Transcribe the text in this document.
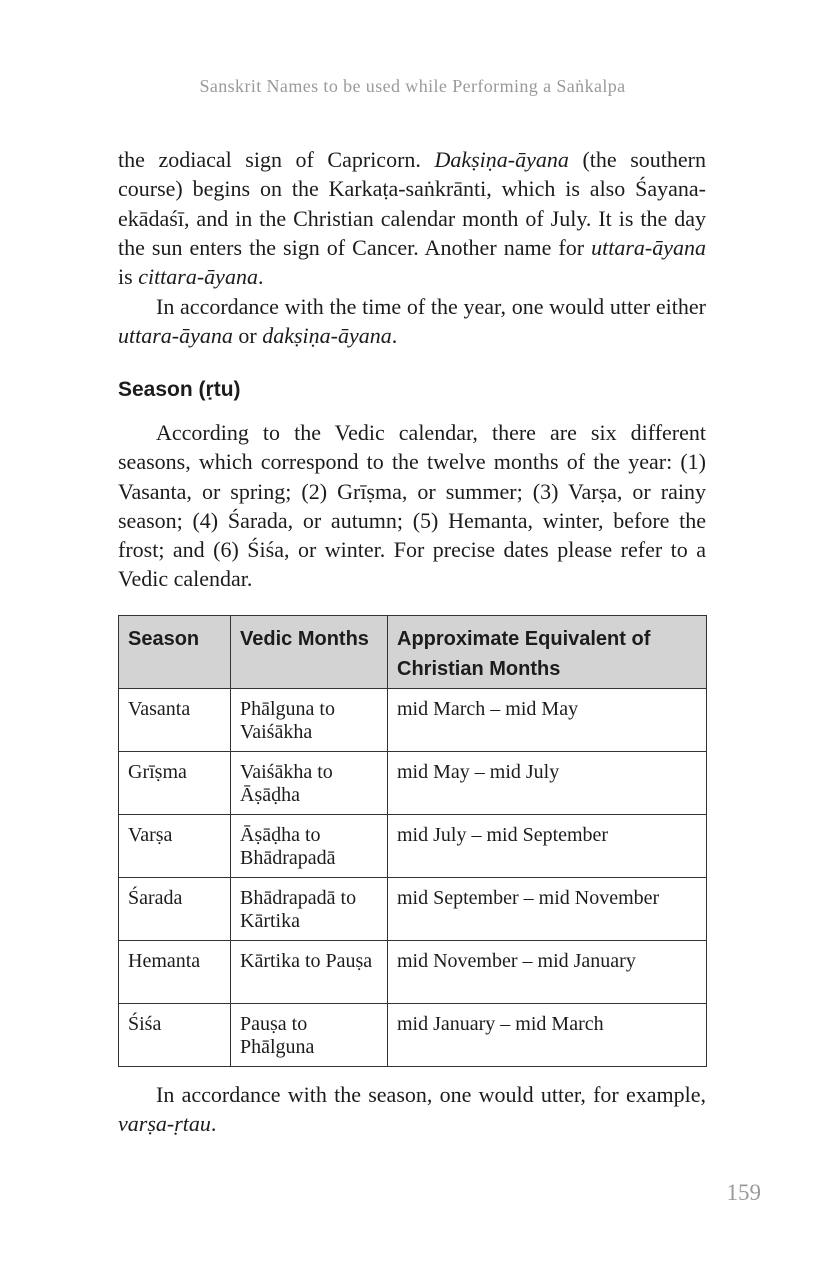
Sanskrit Names to be used while Performing a Saṅkalpa

the zodiacal sign of Capricorn. Dakṣiṇa-āyana (the southern course) begins on the Karkaṭa-saṅkrānti, which is also Śayana-ekādaśī, and in the Christian calendar month of July. It is the day the sun enters the sign of Cancer. Another name for uttara-āyana is cittara-āyana.

In accordance with the time of the year, one would utter either uttara-āyana or dakṣiṇa-āyana.

Season (ṛtu)

According to the Vedic calendar, there are six different seasons, which correspond to the twelve months of the year: (1) Vasanta, or spring; (2) Grīṣma, or summer; (3) Varṣa, or rainy season; (4) Śarada, or autumn; (5) Hemanta, winter, before the frost; and (6) Śiśa, or winter. For precise dates please refer to a Vedic calendar.

Season	Vedic Months	Approximate Equivalent of Christian Months
Vasanta	Phālguna to Vaiśākha	mid March – mid May
Grīṣma	Vaiśākha to Āṣāḍha	mid May – mid July
Varṣa	Āṣāḍha to Bhādrapadā	mid July – mid September
Śarada	Bhādrapadā to Kārtika	mid September – mid November
Hemanta	Kārtika to Pauṣa	mid November – mid January
Śiśa	Pauṣa to Phālguna	mid January – mid March

In accordance with the season, one would utter, for example, varṣa-ṛtau.

159
